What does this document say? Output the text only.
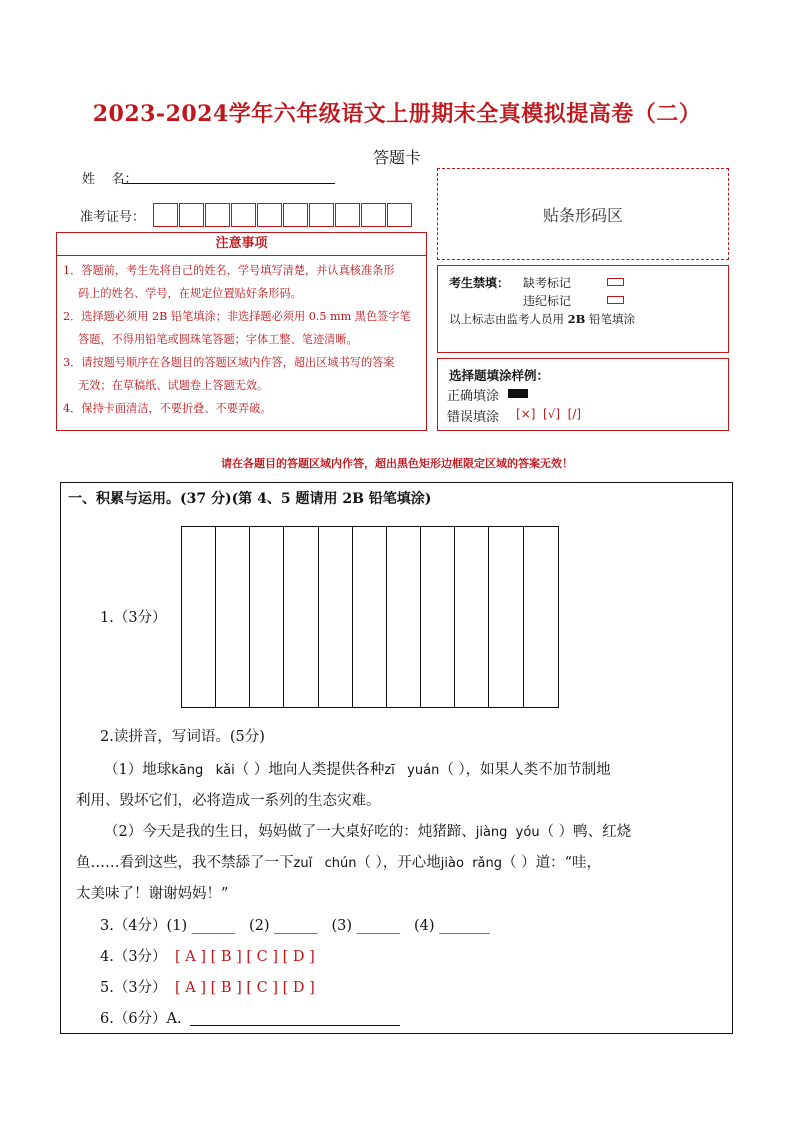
2023-2024学年六年级语文上册期末全真模拟提高卷（二）
答题卡
姓    名：
准考证号：	贴条形码区
注意事项
1．答题前，考生先将自己的姓名，学号填写清楚，并认真核准条形
码上的姓名、学号，在规定位置贴好条形码。
2．选择题必须用 2B 铅笔填涂；非选择题必须用 0.5 mm 黑色签字笔
答题，不得用铅笔或圆珠笔答题；字体工整、笔迹清晰。
3．请按题号顺序在各题目的答题区域内作答，超出区域书写的答案
无效；在草稿纸、试题卷上答题无效。
4．保持卡面清洁，不要折叠、不要弄破。
考生禁填： 缺考标记
违纪标记
以上标志由监考人员用 2B 铅笔填涂
选择题填涂样例：
正确填涂
错误填涂 [×]  [√]  [/]
请在各题目的答题区域内作答，超出黑色矩形边框限定区域的答案无效！
一、积累与运用。(37 分)(第 4、5 题请用 2B 铅笔填涂)
1.（3分）
2.读拼音，写词语。(5分)
（1）地球kāng   kǎi（ ）地向人类提供各种zī   yuán（ ），如果人类不加节制地
利用、毁坏它们，必将造成一系列的生态灾难。
（2）今天是我的生日，妈妈做了一大桌好吃的：炖猪蹄、jiàng  yóu（ ）鸭、红烧
鱼……看到这些，我不禁舔了一下zuǐ   chún（ ），开心地jiào  rǎng（ ）道：“哇，
太美味了！谢谢妈妈！”
3.（4分）(1) ______   (2) ______   (3) ______   (4) _______
4.（3分） [ A ] [ B ] [ C ] [ D ]
5.（3分） [ A ] [ B ] [ C ] [ D ]
6.（6分）A.
